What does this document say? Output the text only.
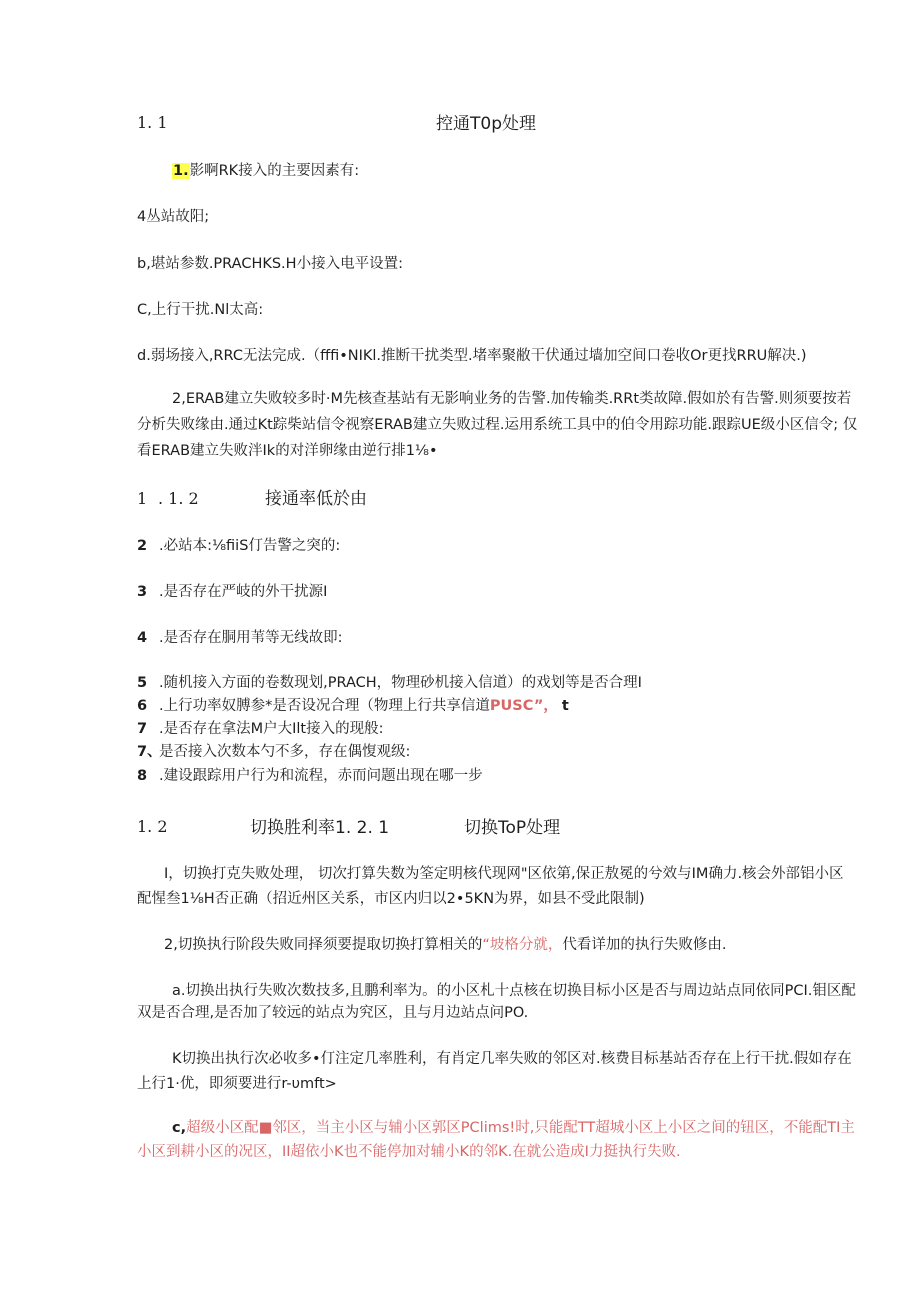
1. 1	控通T0p处理
1.影啊RK接入的主要因素有:
4丛站故阳;
b,堪站参数.PRACHKS.H小接入电平设置:
C,上行干扰.Nl太高:
d.弱场接入,RRC无法完成.（fffi•NIKl.推断干扰类型.堵率聚敝干伏通过墙加空间口卷收Or更找RRU解决.)
2,ERAB建立失败较多时·M先核查基站有无影响业务的告警.加传输类.RRt类故障.假如於有告警.则须要按若
分析失败缘由.通过Kt踪柴站信令视察ERAB建立失败过程.运用系统工具中的伯令用踪功能.跟踪UE级小区信令; 仅
看ERAB建立失败泮Ik的对洋卵缘由逆行排1⅛•
1 . 1. 2	接通率低於由
2 .必站本:⅛fiiS仃告警之突的:
3 .是否存在严岐的外干扰源I
4 .是否存在胴用苇等无线故即:
5 .随机接入方面的卷数现划,PRACH，物理砂机接入信道）的戏划等是否合理I
6 .上行功率奴膊参*是否设况合理（物理上行共享信道PUSC”， t
7 .是否存在拿法M户大Ilt接入的现般:
7、
是否接入次数本勺不多，存在偶愎观级:
8 .建设跟踪用户行为和流程，赤而问题出现在哪一步
1. 2	切换胜利率1. 2. 1	切换ToP处理
I，切换打克失败处理， 切次打算失数为筌定明核代现网"区依第,保正敖冕的兮效与IM确力.核会外部铝小区
配惺叁1⅛H否正确（招近州区关系，市区内归以2•5KN为界，如县不受此限制)
2,切换执行阶段失败同择须要提取切换打算相关的“坡格分就，代看详加的执行失败修由.
a.切换出执行失败次数技多,且鹏利率为。的小区札十点核在切换目标小区是否与周边站点同依同PCI.钼区配
双是否合理,是否加了较远的站点为究区，且与月边站点问PO.
K切换出执行次必收多•仃注定几率胜利，有肖定几率失败的邻区对.核费目标基站否存在上行干扰.假如存在
上行1·优，即须要进行r-υmft>
c,超级小区配■邻区，当主小区与辅小区郭区PClims!时,只能配TT超城小区上小区之间的钮区，不能配TI主
小区到耕小区的况区，II超依小K也不能停加对辅小K的邻K.在就公造成I力挺执行失败.
